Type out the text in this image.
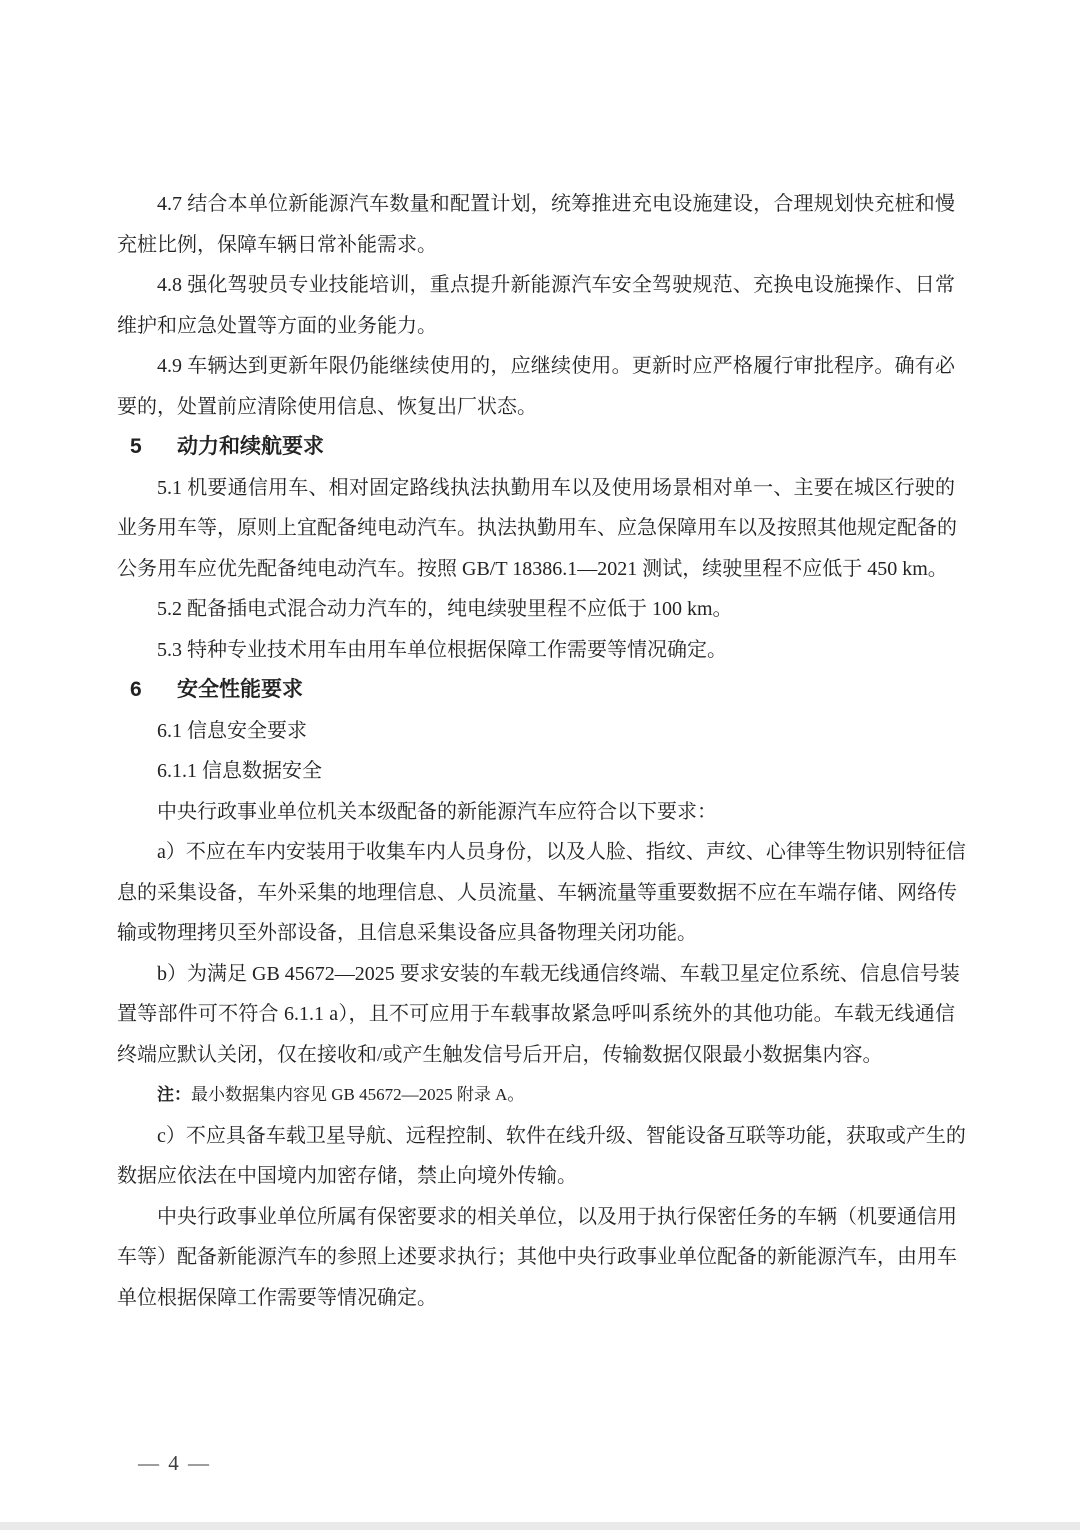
4.7 结合本单位新能源汽车数量和配置计划，统筹推进充电设施建设，合理规划快充桩和慢
充桩比例，保障车辆日常补能需求。
4.8 强化驾驶员专业技能培训，重点提升新能源汽车安全驾驶规范、充换电设施操作、日常
维护和应急处置等方面的业务能力。
4.9 车辆达到更新年限仍能继续使用的，应继续使用。更新时应严格履行审批程序。确有必
要的，处置前应清除使用信息、恢复出厂状态。
5 动力和续航要求
5.1 机要通信用车、相对固定路线执法执勤用车以及使用场景相对单一、主要在城区行驶的
业务用车等，原则上宜配备纯电动汽车。执法执勤用车、应急保障用车以及按照其他规定配备的
公务用车应优先配备纯电动汽车。按照 GB/T 18386.1—2021 测试，续驶里程不应低于 450 km。
5.2 配备插电式混合动力汽车的，纯电续驶里程不应低于 100 km。
5.3 特种专业技术用车由用车单位根据保障工作需要等情况确定。
6 安全性能要求
6.1 信息安全要求
6.1.1 信息数据安全
中央行政事业单位机关本级配备的新能源汽车应符合以下要求：
a）不应在车内安装用于收集车内人员身份，以及人脸、指纹、声纹、心律等生物识别特征信
息的采集设备，车外采集的地理信息、人员流量、车辆流量等重要数据不应在车端存储、网络传
输或物理拷贝至外部设备，且信息采集设备应具备物理关闭功能。
b）为满足 GB 45672—2025 要求安装的车载无线通信终端、车载卫星定位系统、信息信号装
置等部件可不符合 6.1.1 a），且不可应用于车载事故紧急呼叫系统外的其他功能。车载无线通信
终端应默认关闭，仅在接收和/或产生触发信号后开启，传输数据仅限最小数据集内容。
注：最小数据集内容见 GB 45672—2025 附录 A。
c）不应具备车载卫星导航、远程控制、软件在线升级、智能设备互联等功能，获取或产生的
数据应依法在中国境内加密存储，禁止向境外传输。
中央行政事业单位所属有保密要求的相关单位，以及用于执行保密任务的车辆（机要通信用
车等）配备新能源汽车的参照上述要求执行；其他中央行政事业单位配备的新能源汽车，由用车
单位根据保障工作需要等情况确定。
— 4 —
